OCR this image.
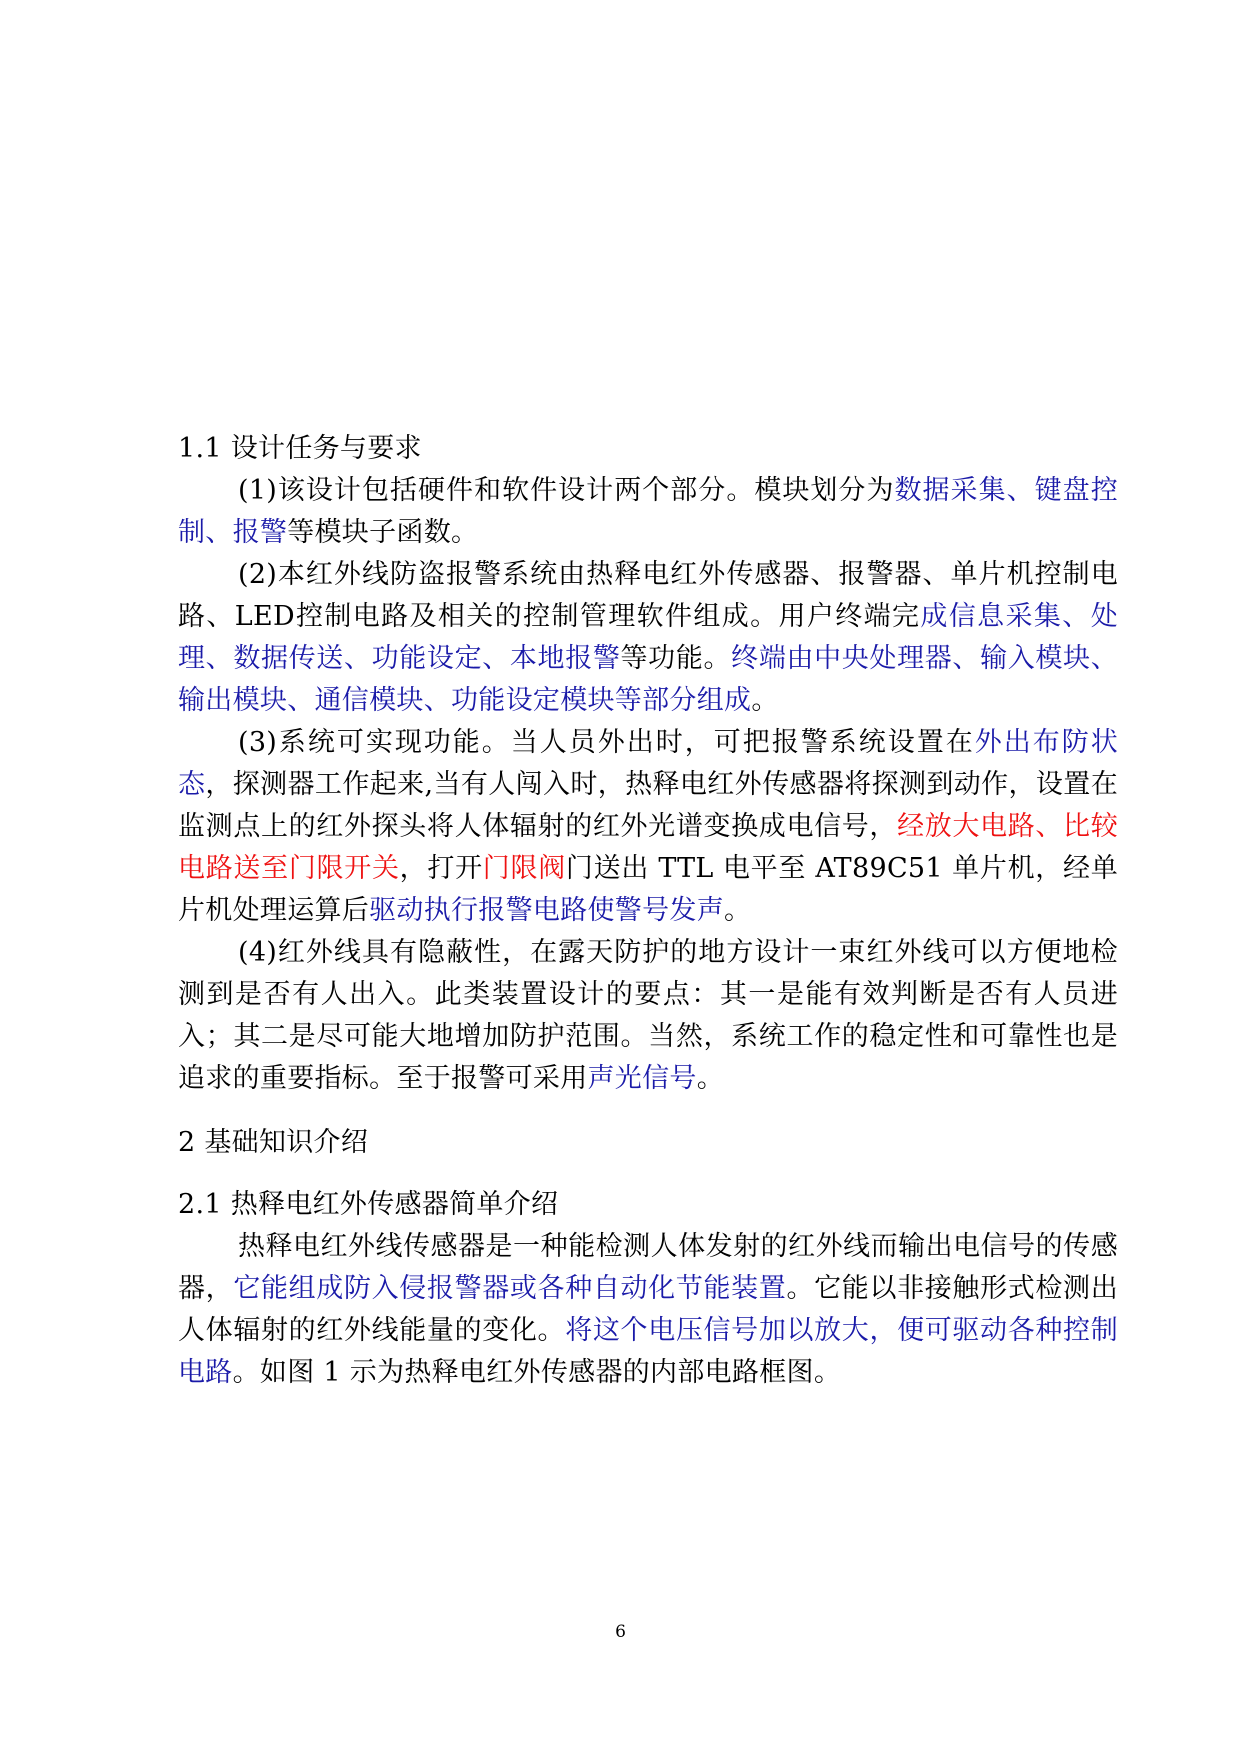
1.1 设计任务与要求

(1)该设计包括硬件和软件设计两个部分。模块划分为数据采集、键盘控制、报警等模块子函数。

(2)本红外线防盗报警系统由热释电红外传感器、报警器、单片机控制电路、LED控制电路及相关的控制管理软件组成。用户终端完成信息采集、处理、数据传送、功能设定、本地报警等功能。终端由中央处理器、输入模块、输出模块、通信模块、功能设定模块等部分组成。

(3)系统可实现功能。当人员外出时，可把报警系统设置在外出布防状态，探测器工作起来,当有人闯入时，热释电红外传感器将探测到动作，设置在监测点上的红外探头将人体辐射的红外光谱变换成电信号，经放大电路、比较电路送至门限开关，打开门限阀门送出 TTL 电平至 AT89C51 单片机，经单片机处理运算后驱动执行报警电路使警号发声。

(4)红外线具有隐蔽性，在露天防护的地方设计一束红外线可以方便地检测到是否有人出入。此类装置设计的要点：其一是能有效判断是否有人员进入；其二是尽可能大地增加防护范围。当然，系统工作的稳定性和可靠性也是追求的重要指标。至于报警可采用声光信号。

2 基础知识介绍
2.1 热释电红外传感器简单介绍

热释电红外线传感器是一种能检测人体发射的红外线而输出电信号的传感器，它能组成防入侵报警器或各种自动化节能装置。它能以非接触形式检测出人体辐射的红外线能量的变化。将这个电压信号加以放大，便可驱动各种控制电路。如图 1 示为热释电红外传感器的内部电路框图。

6
